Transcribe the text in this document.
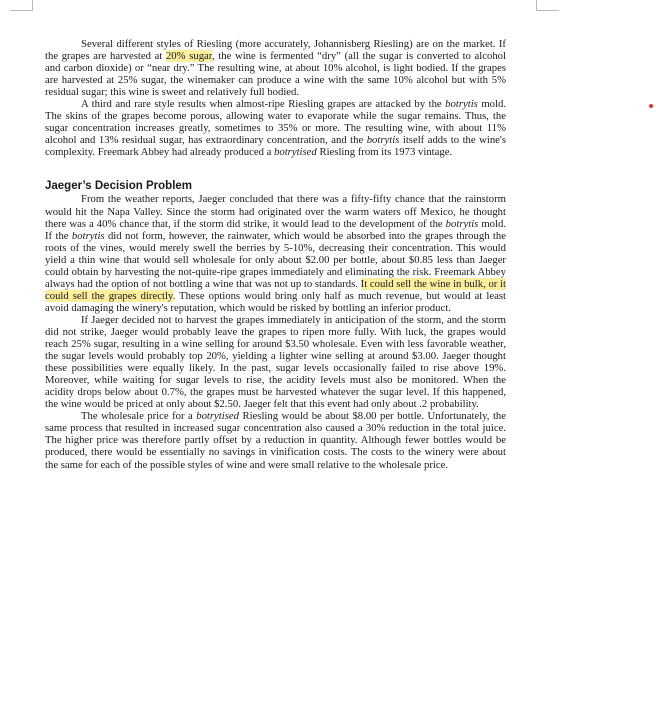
Several different styles of Riesling (more accurately, Johannisberg Riesling) are on the market. If the grapes are harvested at 20% sugar, the wine is fermented “dry” (all the sugar is converted to alcohol and carbon dioxide) or “near dry.” The resulting wine, at about 10% alcohol, is light bodied. If the grapes are harvested at 25% sugar, the winemaker can produce a wine with the same 10% alcohol but with 5% residual sugar; this wine is sweet and relatively full bodied.

A third and rare style results when almost-ripe Riesling grapes are attacked by the botrytis mold. The skins of the grapes become porous, allowing water to evaporate while the sugar remains. Thus, the sugar concentration increases greatly, sometimes to 35% or more. The resulting wine, with about 11% alcohol and 13% residual sugar, has extraordinary concentration, and the botrytis itself adds to the wine's complexity. Freemark Abbey had already produced a botrytised Riesling from its 1973 vintage.

Jaeger’s Decision Problem

From the weather reports, Jaeger concluded that there was a fifty-fifty chance that the rainstorm would hit the Napa Valley. Since the storm had originated over the warm waters off Mexico, he thought there was a 40% chance that, if the storm did strike, it would lead to the development of the botrytis mold. If the botrytis did not form, however, the rainwater, which would be absorbed into the grapes through the roots of the vines, would merely swell the berries by 5-10%, decreasing their concentration. This would yield a thin wine that would sell wholesale for only about $2.00 per bottle, about $0.85 less than Jaeger could obtain by harvesting the not-quite-ripe grapes immediately and eliminating the risk. Freemark Abbey always had the option of not bottling a wine that was not up to standards. It could sell the wine in bulk, or it could sell the grapes directly. These options would bring only half as much revenue, but would at least avoid damaging the winery's reputation, which would be risked by bottling an inferior product.

If Jaeger decided not to harvest the grapes immediately in anticipation of the storm, and the storm did not strike, Jaeger would probably leave the grapes to ripen more fully. With luck, the grapes would reach 25% sugar, resulting in a wine selling for around $3.50 wholesale. Even with less favorable weather, the sugar levels would probably top 20%, yielding a lighter wine selling at around $3.00. Jaeger thought these possibilities were equally likely. In the past, sugar levels occasionally failed to rise above 19%. Moreover, while waiting for sugar levels to rise, the acidity levels must also be monitored. When the acidity drops below about 0.7%, the grapes must be harvested whatever the sugar level. If this happened, the wine would be priced at only about $2.50. Jaeger felt that this event had only about .2 probability.

The wholesale price for a botrytised Riesling would be about $8.00 per bottle. Unfortunately, the same process that resulted in increased sugar concentration also caused a 30% reduction in the total juice. The higher price was therefore partly offset by a reduction in quantity. Although fewer bottles would be produced, there would be essentially no savings in vinification costs. The costs to the winery were about the same for each of the possible styles of wine and were small relative to the wholesale price.
